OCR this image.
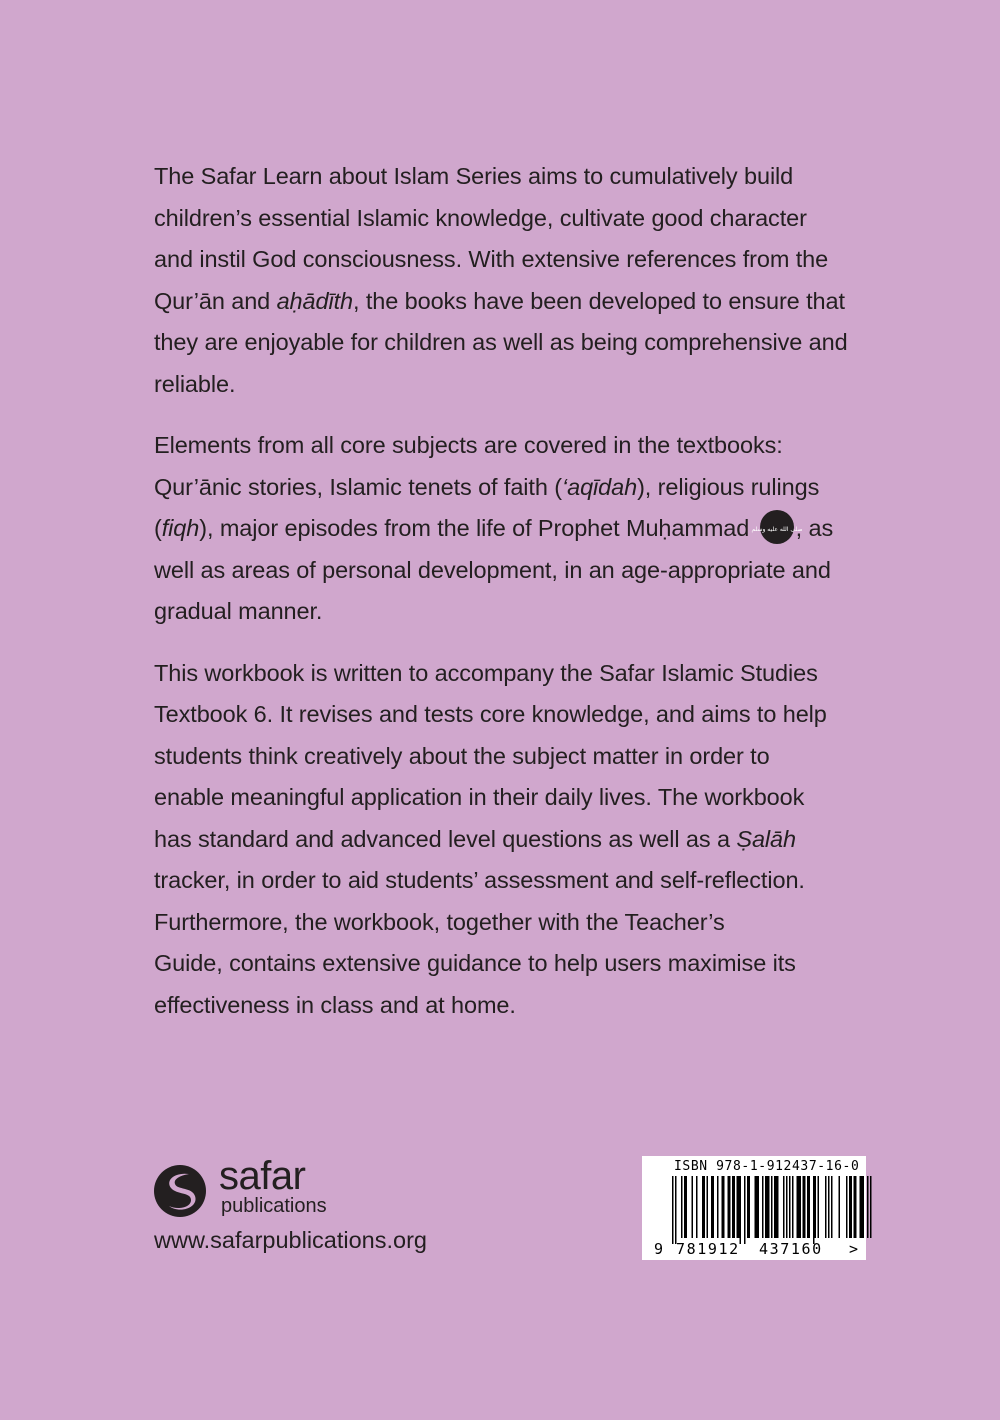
The Safar Learn about Islam Series aims to cumulatively build
children’s essential Islamic knowledge, cultivate good character
and instil God consciousness. With extensive references from the
Qur’ān and aḥādīth, the books have been developed to ensure that
they are enjoyable for children as well as being comprehensive and
reliable.

Elements from all core subjects are covered in the textbooks:
Qur’ānic stories, Islamic tenets of faith (‘aqīdah), religious rulings
(fiqh), major episodes from the life of Prophet Muḥammad
صلى الله عليه وسلم
, as
well as areas of personal development, in an age-appropriate and
gradual manner.

This workbook is written to accompany the Safar Islamic Studies
Textbook 6. It revises and tests core knowledge, and aims to help
students think creatively about the subject matter in order to
enable meaningful application in their daily lives. The workbook
has standard and advanced level questions as well as a Ṣalāh
tracker, in order to aid students’ assessment and self-reflection.
Furthermore, the workbook, together with the Teacher’s
Guide, contains extensive guidance to help users maximise its
effectiveness in class and at home.

safar
publications
www.safarpublications.org
ISBN 978-1-912437-16-0
9 781912 437160 >
